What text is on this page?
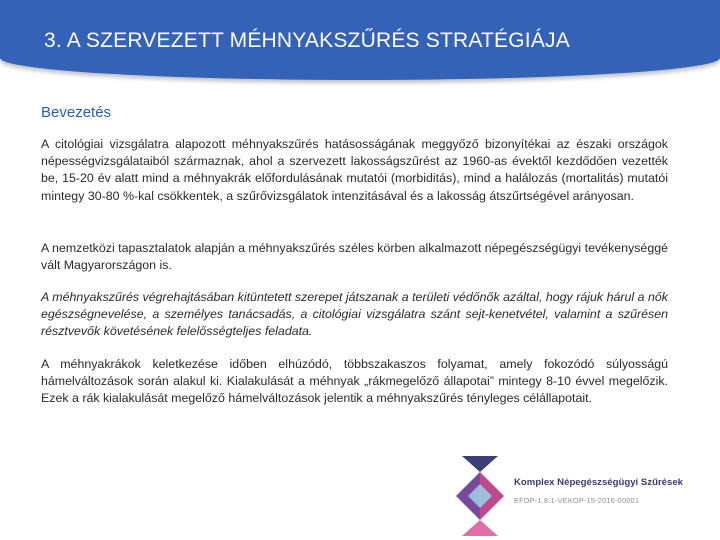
3. A SZERVEZETT MÉHNYAKSZŰRÉS STRATÉGIÁJA
Bevezetés

A citológiai vizsgálatra alapozott méhnyakszűrés hatásosságának meggyőző bizonyítékai az északi országok népességvizsgálataiból származnak, ahol a szervezett lakosságszűrést az 1960-as évektől kezdődően vezették be, 15-20 év alatt mind a méhnyakrák előfordulásának mutatói (morbiditás), mind a halálozás (mortalitás) mutatói mintegy 30-80 %-kal csökkentek, a szűrővizsgálatok intenzitásával és a lakosság átszűrtségével arányosan.

A nemzetközi tapasztalatok alapján a méhnyakszűrés széles körben alkalmazott népegészségügyi tevékenységgé vált Magyarországon is.

A méhnyakszűrés végrehajtásában kitüntetett szerepet játszanak a területi védőnők azáltal, hogy rájuk hárul a nők egészségnevelése, a személyes tanácsadás, a citológiai vizsgálatra szánt sejt-kenetvétel, valamint a szűrésen résztvevők követésének felelősségteljes feladata.

A méhnyakrákok keletkezése időben elhúzódó, többszakaszos folyamat, amely fokozódó súlyosságú hámelváltozások során alakul ki. Kialakulását a méhnyak „rákmegelőző állapotai” mintegy 8-10 évvel megelőzik. Ezek a rák kialakulását megelőző hámelváltozások jelentik a méhnyakszűrés tényleges célállapotait.

Komplex Népegészségügyi Szűrések

EFOP-1.8.1-VEKOP-15-2016-00001
